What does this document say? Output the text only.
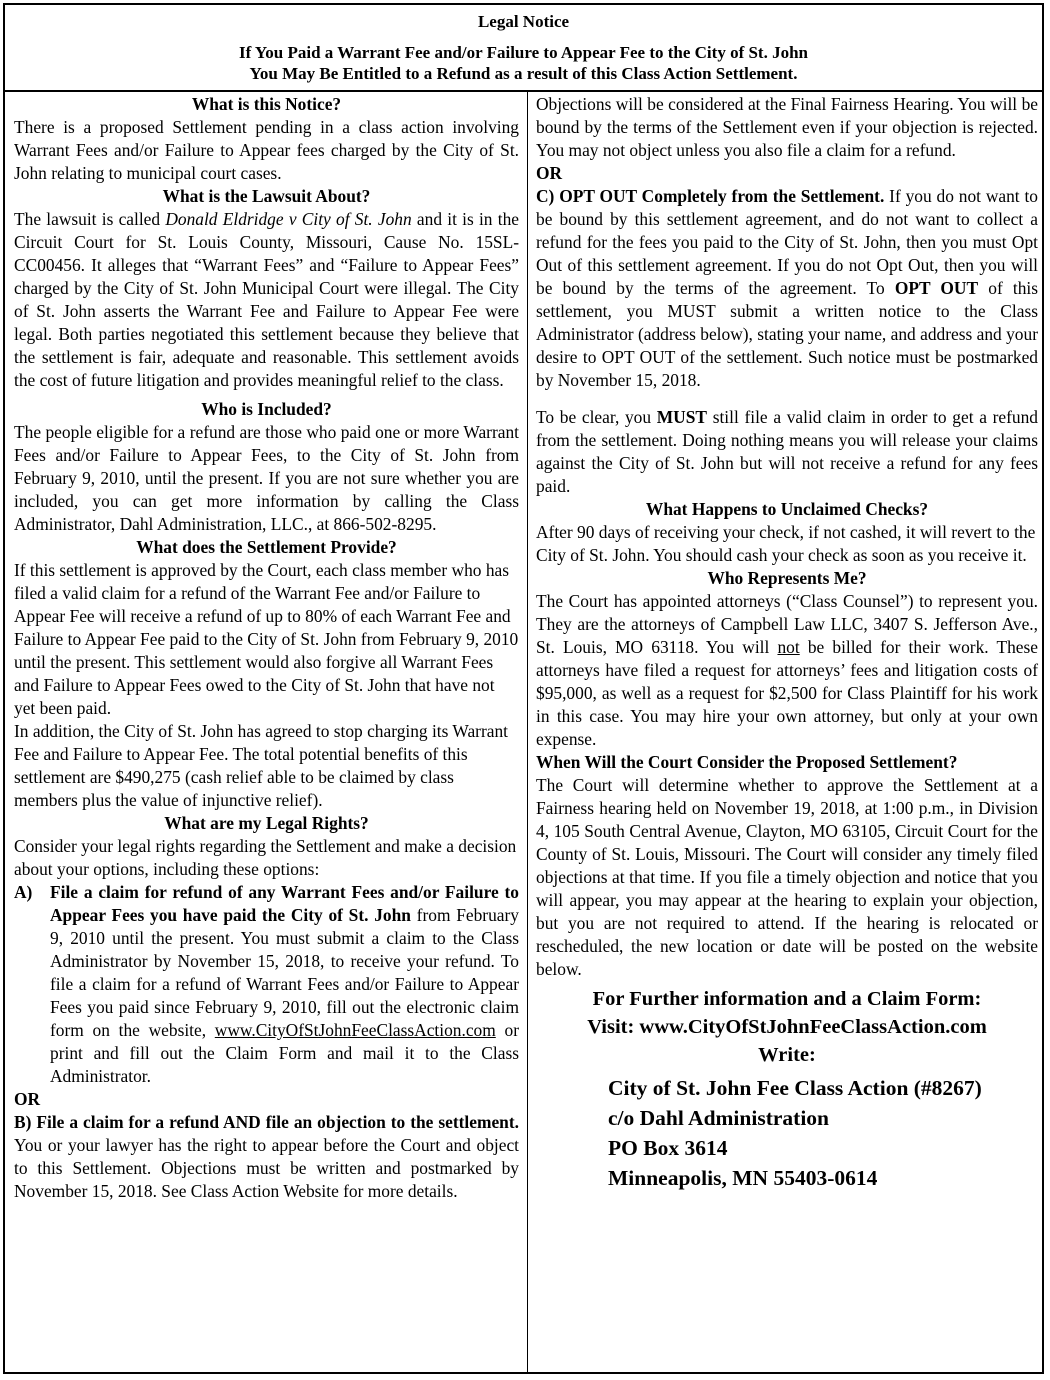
Legal Notice
If You Paid a Warrant Fee and/or Failure to Appear Fee to the City of St. John
You May Be Entitled to a Refund as a result of this Class Action Settlement.
What is this Notice?

There is a proposed Settlement pending in a class action involving Warrant Fees and/or Failure to Appear fees charged by the City of St. John relating to municipal court cases.

What is the Lawsuit About?

The lawsuit is called Donald Eldridge v City of St. John and it is in the Circuit Court for St. Louis County, Missouri, Cause No. 15SL-CC00456. It alleges that “Warrant Fees” and “Failure to Appear Fees” charged by the City of St. John Municipal Court were illegal. The City of St. John asserts the Warrant Fee and Failure to Appear Fee were legal. Both parties negotiated this settlement because they believe that the settlement is fair, adequate and reasonable. This settlement avoids the cost of future litigation and provides meaningful relief to the class.

Who is Included?

The people eligible for a refund are those who paid one or more Warrant Fees and/or Failure to Appear Fees, to the City of St. John from February 9, 2010, until the present. If you are not sure whether you are included, you can get more information by calling the Class Administrator, Dahl Administration, LLC., at 866-502-8295.

What does the Settlement Provide?

If this settlement is approved by the Court, each class member who has filed a valid claim for a refund of the Warrant Fee and/or Failure to Appear Fee will receive a refund of up to 80% of each Warrant Fee and Failure to Appear Fee paid to the City of St. John from February 9, 2010 until the present. This settlement would also forgive all Warrant Fees and Failure to Appear Fees owed to the City of St. John that have not yet been paid.

In addition, the City of St. John has agreed to stop charging its Warrant Fee and Failure to Appear Fee. The total potential benefits of this settlement are $490,275 (cash relief able to be claimed by class members plus the value of injunctive relief).

What are my Legal Rights?

Consider your legal rights regarding the Settlement and make a decision about your options, including these options:

A)	File a claim for refund of any Warrant Fees and/or Failure to Appear Fees you have paid the City of St. John from February 9, 2010 until the present. You must submit a claim to the Class Administrator by November 15, 2018, to receive your refund. To file a claim for a refund of Warrant Fees and/or Failure to Appear Fees you paid since February 9, 2010, fill out the electronic claim form on the website, www.CityOfStJohnFeeClassAction.com or print and fill out the Claim Form and mail it to the Class Administrator.
OR

B) File a claim for a refund AND file an objection to the settlement. You or your lawyer has the right to appear before the Court and object to this Settlement. Objections must be written and postmarked by November 15, 2018. See Class Action Website for more details.

Objections will be considered at the Final Fairness Hearing. You will be bound by the terms of the Settlement even if your objection is rejected. You may not object unless you also file a claim for a refund.

OR

C) OPT OUT Completely from the Settlement. If you do not want to be bound by this settlement agreement, and do not want to collect a refund for the fees you paid to the City of St. John, then you must Opt Out of this settlement agreement. If you do not Opt Out, then you will be bound by the terms of the agreement. To OPT OUT of this settlement, you MUST submit a written notice to the Class Administrator (address below), stating your name, and address and your desire to OPT OUT of the settlement. Such notice must be postmarked by November 15, 2018.

To be clear, you MUST still file a valid claim in order to get a refund from the settlement. Doing nothing means you will release your claims against the City of St. John but will not receive a refund for any fees paid.

What Happens to Unclaimed Checks?

After 90 days of receiving your check, if not cashed, it will revert to the City of St. John. You should cash your check as soon as you receive it.

Who Represents Me?

The Court has appointed attorneys (“Class Counsel”) to represent you. They are the attorneys of Campbell Law LLC, 3407 S. Jefferson Ave., St. Louis, MO 63118. You will not be billed for their work. These attorneys have filed a request for attorneys’ fees and litigation costs of $95,000, as well as a request for $2,500 for Class Plaintiff for his work in this case. You may hire your own attorney, but only at your own expense.

When Will the Court Consider the Proposed Settlement?

The Court will determine whether to approve the Settlement at a Fairness hearing held on November 19, 2018, at 1:00 p.m., in Division 4, 105 South Central Avenue, Clayton, MO 63105, Circuit Court for the County of St. Louis, Missouri. The Court will consider any timely filed objections at that time. If you file a timely objection and notice that you will appear, you may appear at the hearing to explain your objection, but you are not required to attend. If the hearing is relocated or rescheduled, the new location or date will be posted on the website below.

For Further information and a Claim Form:
Visit: www.CityOfStJohnFeeClassAction.com
Write:
City of St. John Fee Class Action (#8267)
c/o Dahl Administration
PO Box 3614
Minneapolis, MN 55403-0614
